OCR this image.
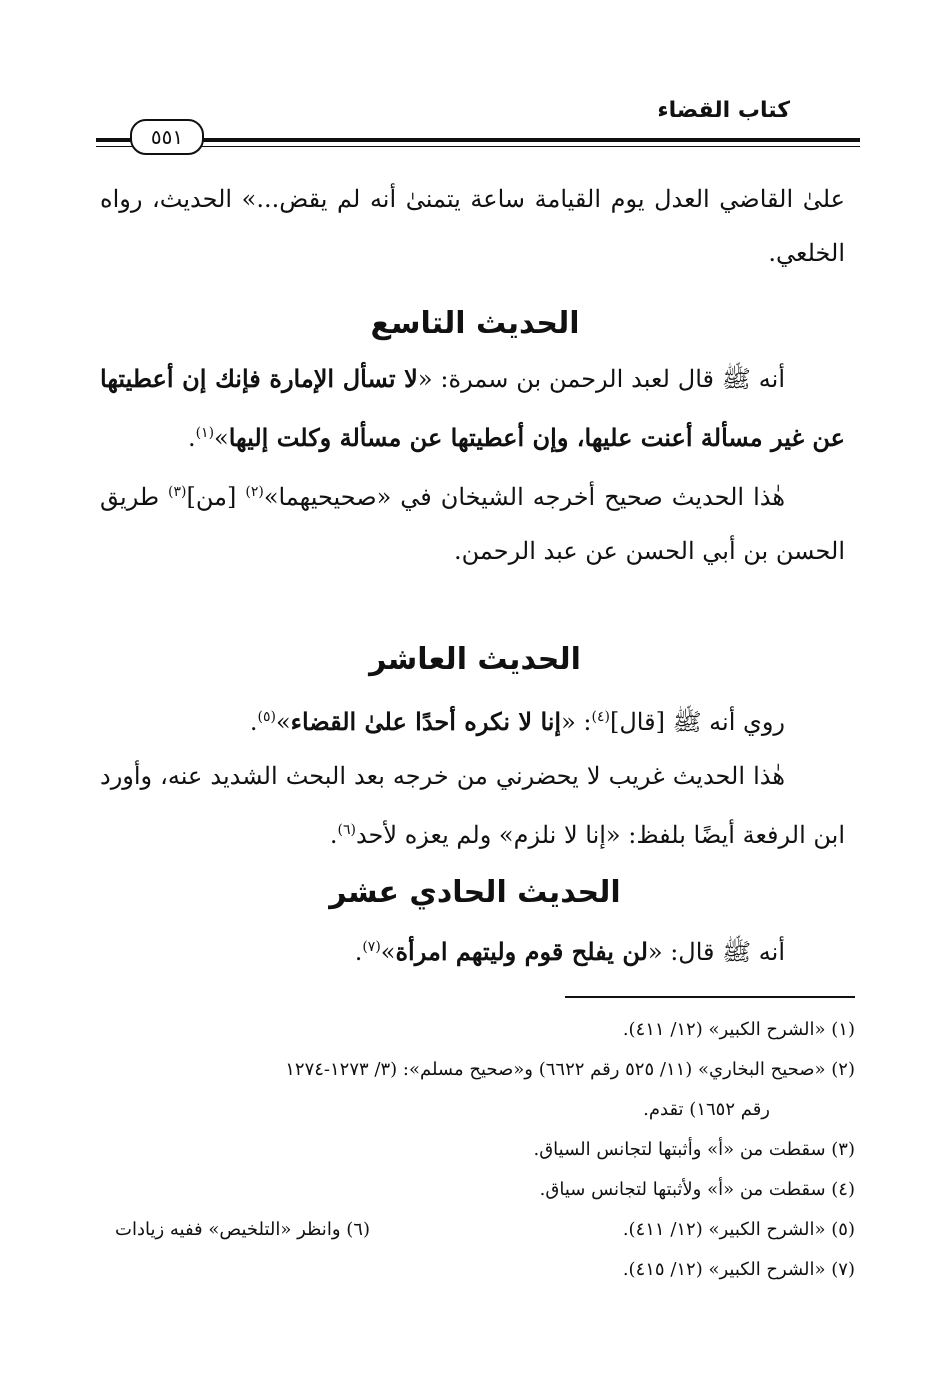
كتاب القضاء
٥٥١

علىٰ القاضي العدل يوم القيامة ساعة يتمنىٰ أنه لم يقض...» الحديث، رواه الخلعي.

الحديث التاسع

أنه ﷺ قال لعبد الرحمن بن سمرة: «لا تسأل الإمارة فإنك إن أعطيتها عن غير مسألة أعنت عليها، وإن أعطيتها عن مسألة وكلت إليها»$^{(١)}$.

هٰذا الحديث صحيح أخرجه الشيخان في «صحيحيهما»$^{(٢)}$ [من]$^{(٣)}$ طريق الحسن بن أبي الحسن عن عبد الرحمن.

الحديث العاشر

روي أنه ﷺ [قال]$^{(٤)}$: «إنا لا نكره أحدًا علىٰ القضاء»$^{(٥)}$.

هٰذا الحديث غريب لا يحضرني من خرجه بعد البحث الشديد عنه، وأورد ابن الرفعة أيضًا بلفظ: «إنا لا نلزم» ولم يعزه لأحد$^{(٦)}$.

الحديث الحادي عشر

أنه ﷺ قال: «لن يفلح قوم وليتهم امرأة»$^{(٧)}$.

(١) «الشرح الكبير» (١٢/ ٤١١).

(٢) «صحيح البخاري» (١١/ ٥٢٥ رقم ٦٦٢٢) و«صحيح مسلم»: (٣/ ١٢٧٣-١٢٧٤

رقم ١٦٥٢) تقدم.

(٣) سقطت من «أ» وأثبتها لتجانس السياق.

(٤) سقطت من «أ» ولأثبتها لتجانس سياق.

(٥) «الشرح الكبير» (١٢/ ٤١١).
(٦) وانظر «التلخيص» ففيه زيادات

(٧) «الشرح الكبير» (١٢/ ٤١٥).
